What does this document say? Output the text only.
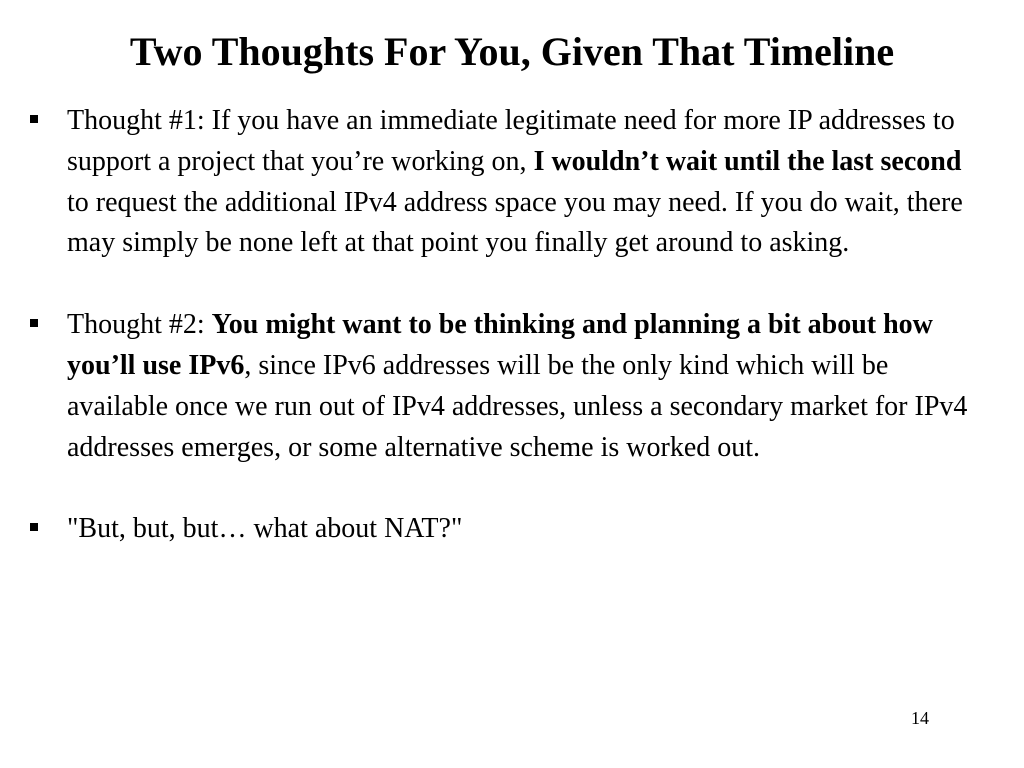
Two Thoughts For You, Given That Timeline
Thought #1: If you have an immediate legitimate need for more IP addresses to support a project that you’re working on, I wouldn’t wait until the last second to request the additional IPv4 address space you may need. If you do wait, there may simply be none left at that point you finally get around to asking.
Thought #2: You might want to be thinking and planning a bit about how you’ll use IPv6, since IPv6 addresses will be the only kind which will be available once we run out of IPv4 addresses, unless a secondary market for IPv4 addresses emerges, or some alternative scheme is worked out.
"But, but, but… what about NAT?"
14
